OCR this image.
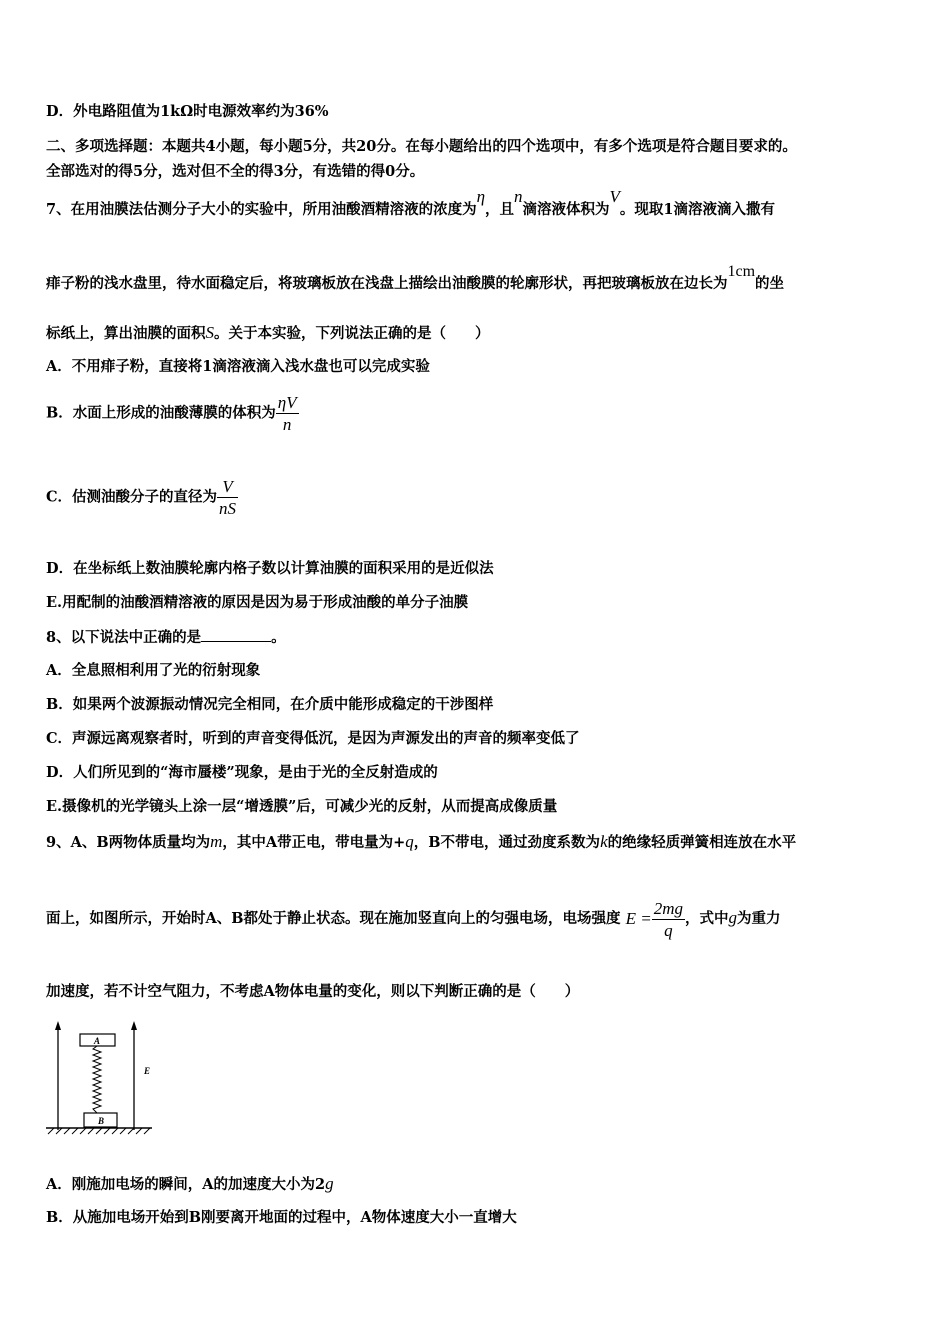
D．外电路阻值为1kΩ时电源效率约为36%
二、多项选择题：本题共4小题，每小题5分，共20分。在每小题给出的四个选项中，有多个选项是符合题目要求的。
全部选对的得5分，选对但不全的得3分，有选错的得0分。
7、在用油膜法估测分子大小的实验中，所用油酸酒精溶液的浓度为η，且n滴溶液体积为V。现取1滴溶液滴入撒有
痱子粉的浅水盘里，待水面稳定后，将玻璃板放在浅盘上描绘出油酸膜的轮廓形状，再把玻璃板放在边长为1cm的坐
标纸上，算出油膜的面积S。关于本实验，下列说法正确的是（　　）
A．不用痱子粉，直接将1滴溶液滴入浅水盘也可以完成实验
B．水面上形成的油酸薄膜的体积为 $\frac{\eta V}{n}$
C．估测油酸分子的直径为 $\frac{V}{nS}$
D．在坐标纸上数油膜轮廓内格子数以计算油膜的面积采用的是近似法
E.用配制的油酸酒精溶液的原因是因为易于形成油酸的单分子油膜
8、以下说法中正确的是	。
A．全息照相利用了光的衍射现象
B．如果两个波源振动情况完全相同，在介质中能形成稳定的干涉图样
C．声源远离观察者时，听到的声音变得低沉，是因为声源发出的声音的频率变低了
D．人们所见到的“海市蜃楼”现象，是由于光的全反射造成的
E.摄像机的光学镜头上涂一层“增透膜”后，可减少光的反射，从而提高成像质量
9、A、B两物体质量均为m，其中A带正电，带电量为+q，B不带电，通过劲度系数为k的绝缘轻质弹簧相连放在水平
面上，如图所示，开始时A、B都处于静止状态。现在施加竖直向上的匀强电场，电场强度 $E = \frac{2mg}{q}$ ，式中g为重力
加速度，若不计空气阻力，不考虑A物体电量的变化，则以下判断正确的是（　　）
A
B
E
A．刚施加电场的瞬间，A的加速度大小为2g
B．从施加电场开始到B刚要离开地面的过程中，A物体速度大小一直增大
